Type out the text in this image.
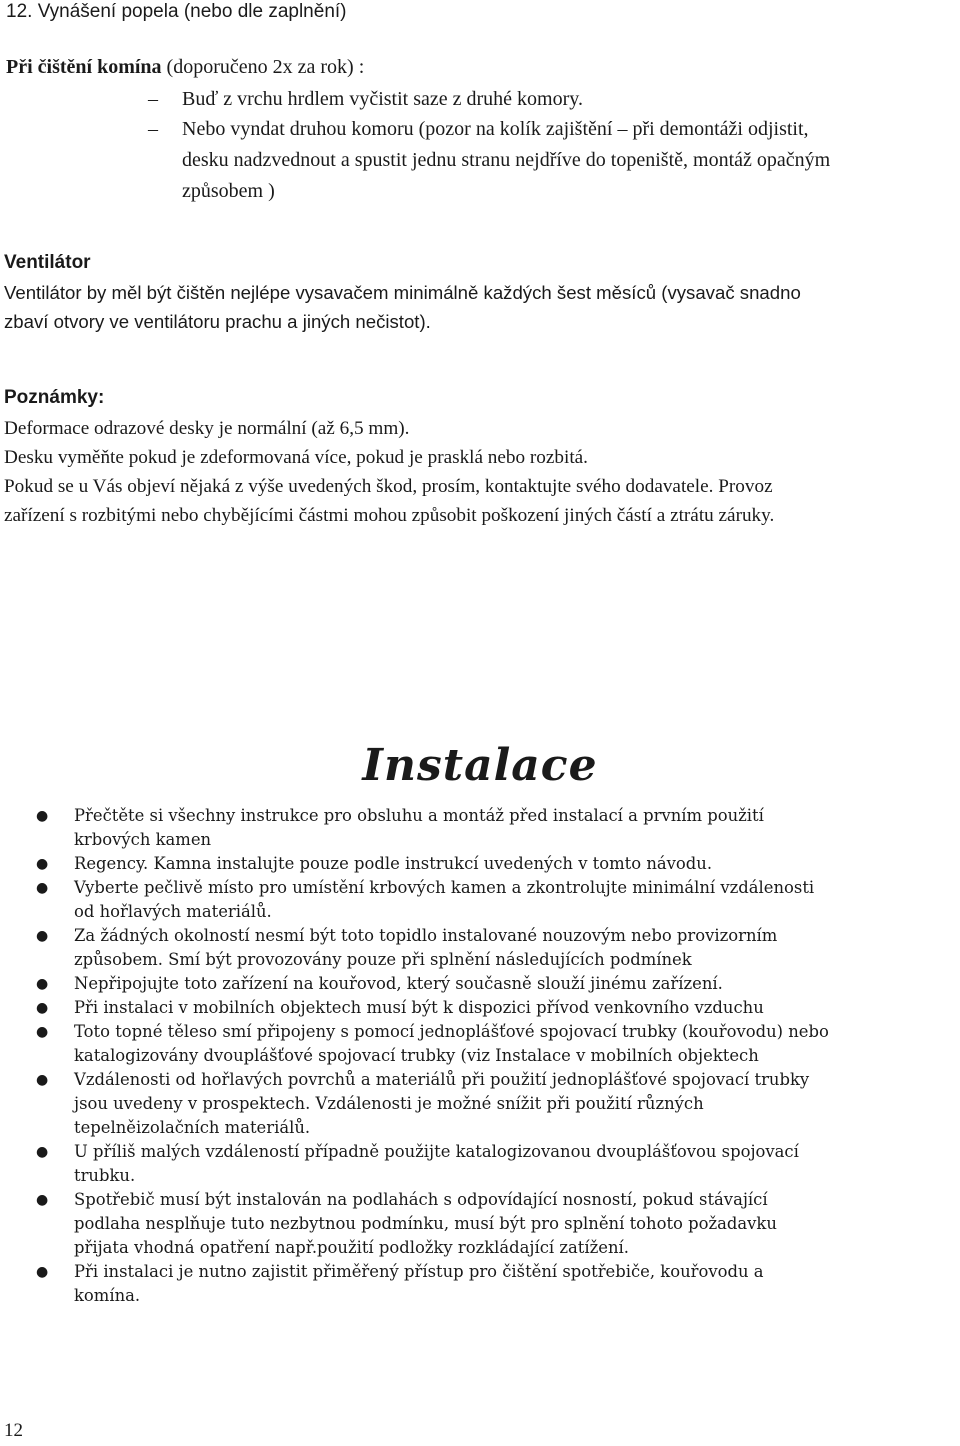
12. Vynášení popela (nebo dle zaplnění)
Při čištění komína (doporučeno 2x za rok) :
– Buď z vrchu hrdlem vyčistit saze z druhé komory.
– Nebo vyndat druhou komoru (pozor na kolík zajištění – při demontáži odjistit,
desku nadzvednout a spustit jednu stranu nejdříve do topeniště, montáž opačným
způsobem )
Ventilátor
Ventilátor by měl být čištěn nejlépe vysavačem minimálně každých šest měsíců (vysavač snadno
zbaví otvory ve ventilátoru prachu a jiných nečistot).
Poznámky:
Deformace odrazové desky je normální (až 6,5 mm).
Desku vyměňte pokud je zdeformovaná více, pokud je prasklá nebo rozbitá.
Pokud se u Vás objeví nějaká z výše uvedených škod, prosím, kontaktujte svého dodavatele. Provoz
zařízení s rozbitými nebo chybějícími částmi mohou způsobit poškození jiných částí a ztrátu záruky.
Instalace
● Přečtěte si všechny instrukce pro obsluhu a montáž před instalací a prvním použití
krbových kamen
● Regency. Kamna instalujte pouze podle instrukcí uvedených v tomto návodu.
● Vyberte pečlivě místo pro umístění krbových kamen a zkontrolujte minimální vzdálenosti
od hořlavých materiálů.
● Za žádných okolností nesmí být toto topidlo instalované nouzovým nebo provizorním
způsobem. Smí být provozovány pouze při splnění následujících podmínek
● Nepřipojujte toto zařízení na kouřovod, který současně slouží jinému zařízení.
● Při instalaci v mobilních objektech musí být k dispozici přívod venkovního vzduchu
● Toto topné těleso smí připojeny s pomocí jednoplášťové spojovací trubky (kouřovodu) nebo
katalogizovány dvouplášťové spojovací trubky (viz Instalace v mobilních objektech
● Vzdálenosti od hořlavých povrchů a materiálů při použití jednoplášťové spojovací trubky
jsou uvedeny v prospektech. Vzdálenosti je možné snížit při použití různých
tepelněizolačních materiálů.
● U příliš malých vzdáleností případně použijte katalogizovanou dvouplášťovou spojovací
trubku.
● Spotřebič musí být instalován na podlahách s odpovídající nosností, pokud stávající
podlaha nesplňuje tuto nezbytnou podmínku, musí být pro splnění tohoto požadavku
přijata vhodná opatření např.použití podložky rozkládající zatížení.
● Při instalaci je nutno zajistit přiměřený přístup pro čištění spotřebiče, kouřovodu a
komína.
12
